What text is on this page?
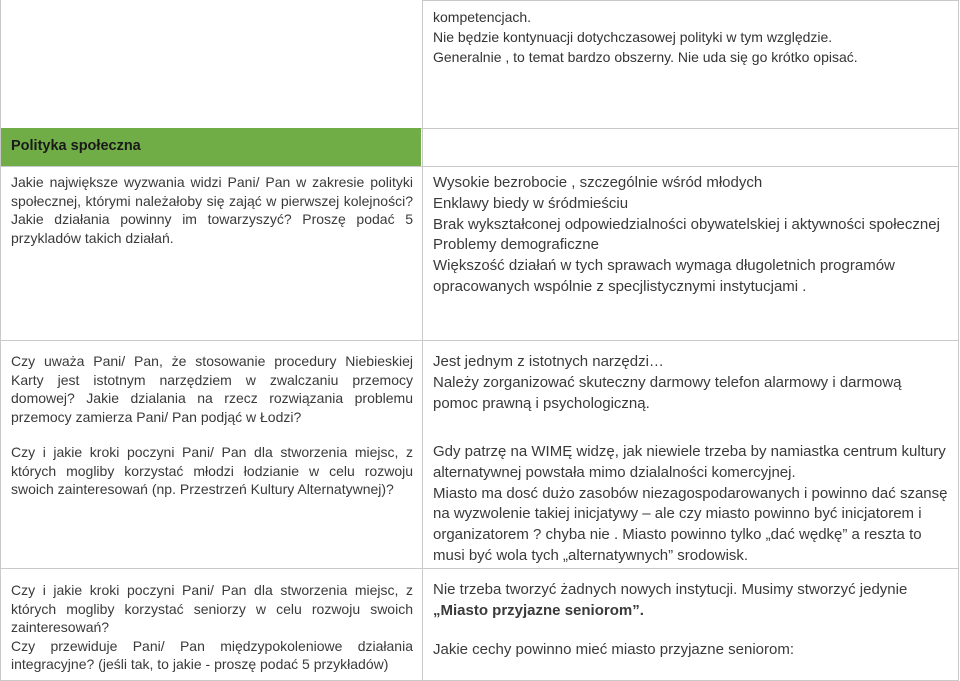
kompetencjach.

Nie będzie kontynuacji dotychczasowej polityki w tym względzie.

Generalnie , to temat bardzo obszerny. Nie uda się go krótko opisać.

Polityka społeczna

Jakie największe wyzwania widzi Pani/ Pan w zakresie polityki społecznej, którymi należałoby się zająć w pierwszej kolejności? Jakie działania powinny im towarzyszyć? Proszę podać 5 przykladów takich działań.

Wysokie bezrobocie , szczególnie wśród młodych

Enklawy biedy w śródmieściu

Brak wykształconej odpowiedzialności obywatelskiej i aktywności społecznej

Problemy demograficzne

Większość działań w tych sprawach wymaga długoletnich programów opracowanych wspólnie z specjlistycznymi instytucjami .

Czy uważa Pani/ Pan, że stosowanie procedury Niebieskiej Karty jest istotnym narzędziem w zwalczaniu przemocy domowej? Jakie dzialania na rzecz rozwiązania problemu przemocy zamierza Pani/ Pan podjąć w Łodzi?

Jest jednym z istotnych narzędzi…

Należy zorganizować skuteczny darmowy telefon alarmowy i darmową pomoc prawną i psychologiczną.

Czy i jakie kroki poczyni Pani/ Pan dla stworzenia miejsc, z których mogliby korzystać młodzi łodzianie w celu rozwoju swoich zainteresowań (np. Przestrzeń Kultury Alternatywnej)?

Gdy patrzę na WIMĘ widzę, jak niewiele trzeba by namiastka centrum kultury alternatywnej powstała mimo dzialalności komercyjnej.

Miasto ma dosć dużo zasobów niezagospodarowanych i powinno dać szansę na wyzwolenie takiej inicjatywy – ale czy miasto powinno być inicjatorem i organizatorem ? chyba nie . Miasto powinno tylko „dać wędkę” a reszta to musi być wola tych „alternatywnych” srodowisk.

Czy i jakie kroki poczyni Pani/ Pan dla stworzenia miejsc, z których mogliby korzystać seniorzy w celu rozwoju swoich zainteresowań?

Czy przewiduje Pani/ Pan międzypokoleniowe działania integracyjne? (jeśli tak, to jakie - proszę podać 5 przykładów)

Nie trzeba tworzyć żadnych nowych instytucji. Musimy stworzyć jedynie

„Miasto przyjazne seniorom”.

Jakie cechy powinno mieć miasto przyjazne seniorom:
